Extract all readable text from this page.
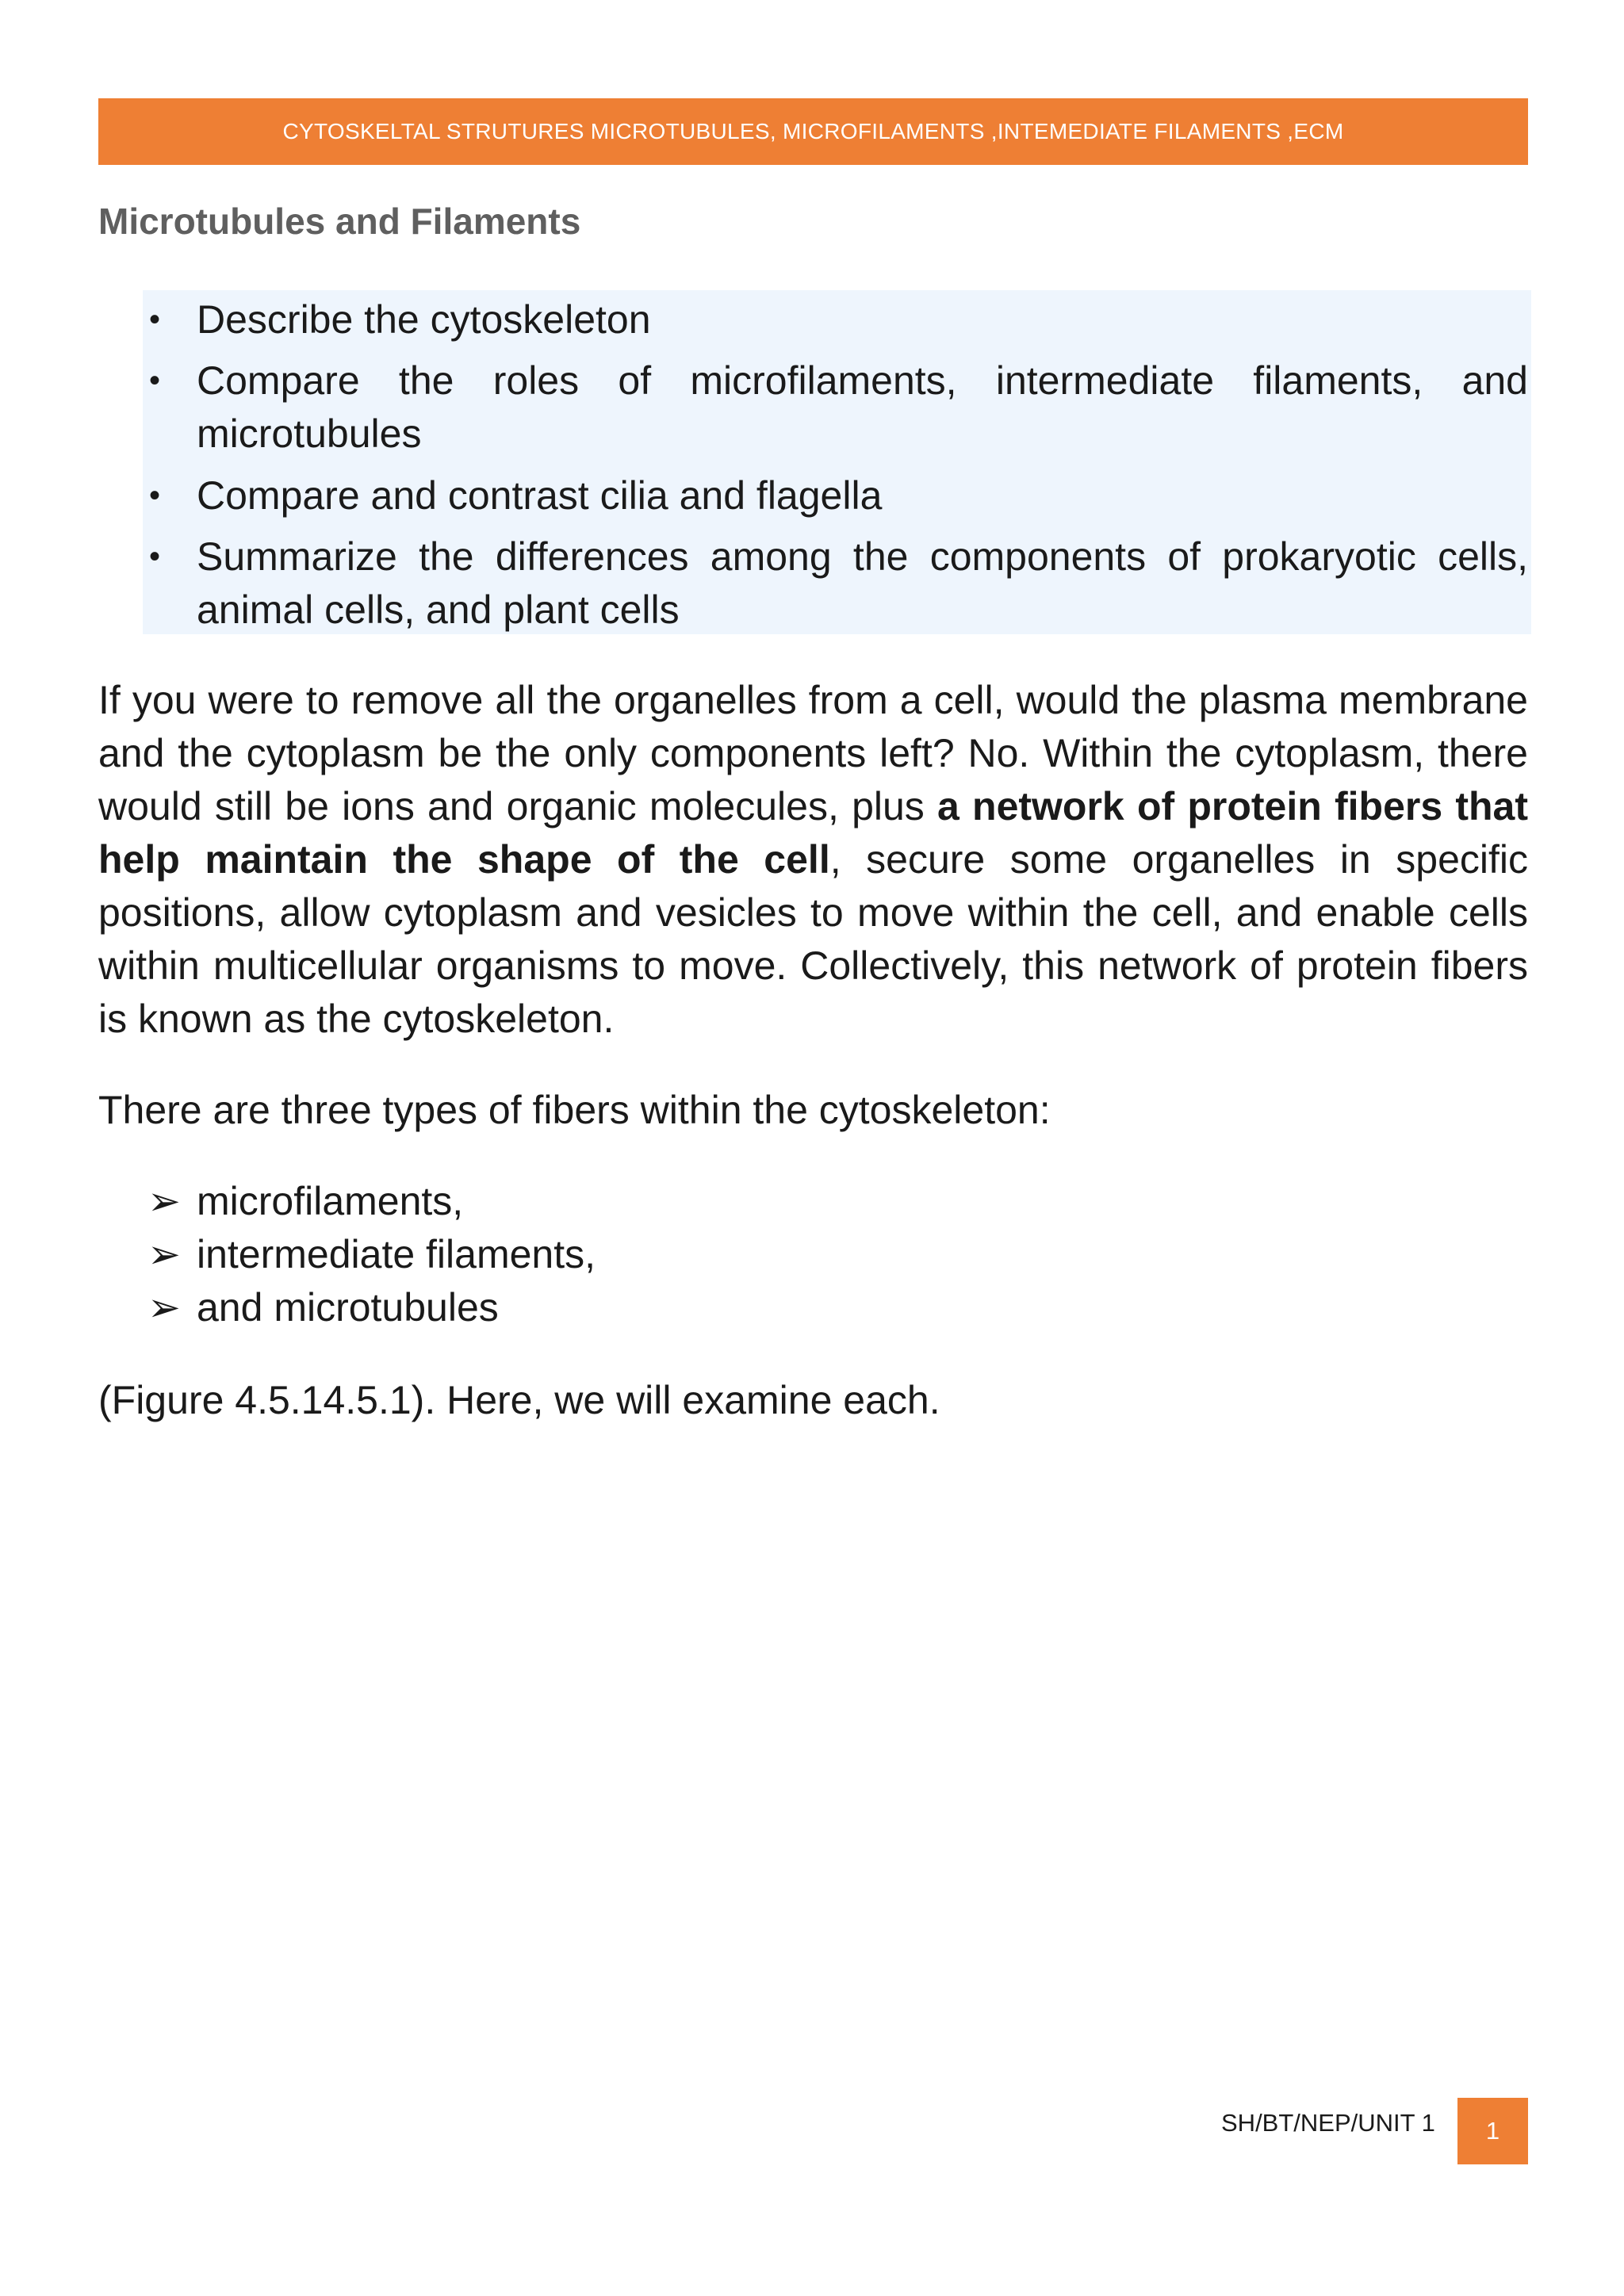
CYTOSKELTAL STRUTURES MICROTUBULES, MICROFILAMENTS ,INTEMEDIATE FILAMENTS ,ECM
Microtubules and Filaments
• Describe the cytoskeleton
• Compare the roles of microfilaments, intermediate filaments, and microtubules
• Compare and contrast cilia and flagella
• Summarize the differences among the components of prokaryotic cells, animal cells, and plant cells
If you were to remove all the organelles from a cell, would the plasma membrane and the cytoplasm be the only components left? No. Within the cytoplasm, there would still be ions and organic molecules, plus a network of protein fibers that help maintain the shape of the cell, secure some organelles in specific positions, allow cytoplasm and vesicles to move within the cell, and enable cells within multicellular organisms to move. Collectively, this network of protein fibers is known as the cytoskeleton.
There are three types of fibers within the cytoskeleton:
➢ microfilaments,
➢ intermediate filaments,
➢ and microtubules
(Figure 4.5.14.5.1). Here, we will examine each.
SH/BT/NEP/UNIT 1 1
